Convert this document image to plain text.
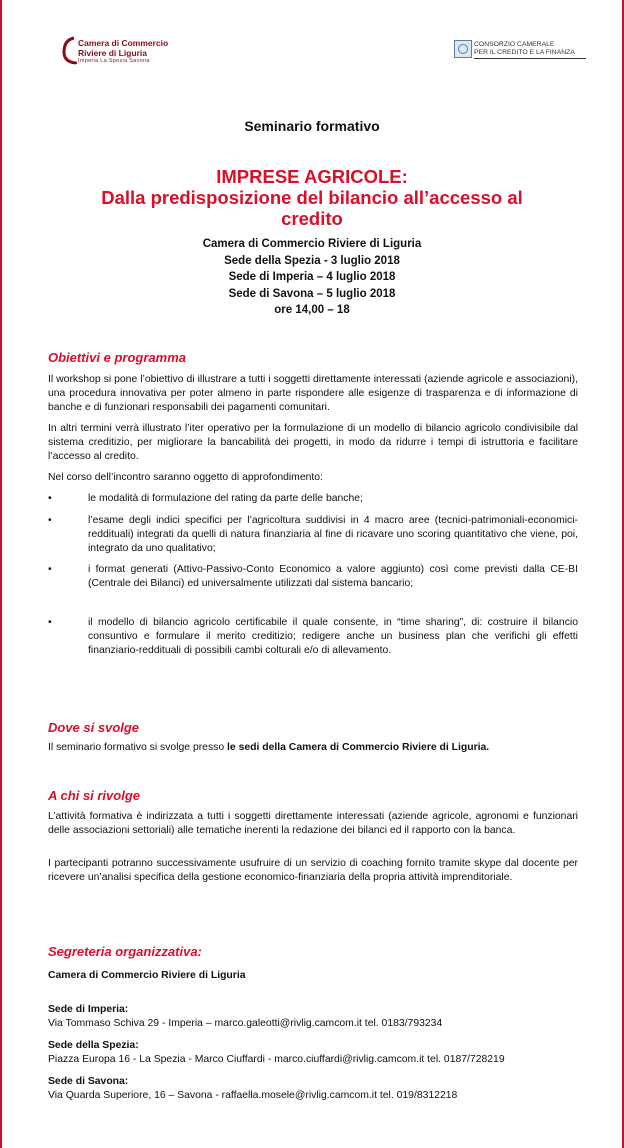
Camera di Commercio
Riviere di Liguria
Imperia La Spezia Savona
CONSORZIO CAMERALE
PER IL CREDITO E LA FINANZA
Seminario formativo
IMPRESE AGRICOLE:
Dalla predisposizione del bilancio all’accesso al
credito
Camera di Commercio Riviere di Liguria
Sede della Spezia - 3 luglio 2018
Sede di Imperia – 4 luglio 2018
Sede di Savona – 5 luglio 2018
ore 14,00 – 18
Obiettivi e programma
Il workshop si pone l’obiettivo di illustrare a tutti i soggetti direttamente interessati (aziende agricole e associazioni), una procedura innovativa per poter almeno in parte rispondere alle esigenze di trasparenza e di informazione di banche e di funzionari responsabili dei pagamenti comunitari.
In altri termini verrà illustrato l’iter operativo per la formulazione di un modello di bilancio agricolo condivisibile dal sistema creditizio, per migliorare la bancabilità dei progetti, in modo da ridurre i tempi di istruttoria e facilitare l’accesso al credito.
Nel corso dell’incontro saranno oggetto di approfondimento:
•	le modalità di formulazione del rating da parte delle banche;
•	l’esame degli indici specifici per l’agricoltura suddivisi in 4 macro aree (tecnici-patrimoniali-economici-reddituali) integrati da quelli di natura finanziaria al fine di ricavare uno scoring quantitativo che viene, poi, integrato da uno qualitativo;
•	i format generati (Attivo-Passivo-Conto Economico a valore aggiunto) così come previsti dalla CE-BI (Centrale dei Bilanci) ed universalmente utilizzati dal sistema bancario;
•	il modello di bilancio agricolo certificabile il quale consente, in “time sharing”, di: costruire il bilancio consuntivo e formulare il merito creditizio; redigere anche un business plan che verifichi gli effetti finanziario-reddituali di possibili cambi colturali e/o di allevamento.
Dove si svolge
Il seminario formativo si svolge presso le sedi della Camera di Commercio Riviere di Liguria.
A chi si rivolge
L’attività formativa è indirizzata a tutti i soggetti direttamente interessati (aziende agricole, agronomi e funzionari delle associazioni settoriali) alle tematiche inerenti la redazione dei bilanci ed il rapporto con la banca.
I partecipanti potranno successivamente usufruire di un servizio di coaching fornito tramite skype dal docente per ricevere un’analisi specifica della gestione economico-finanziaria della propria attività imprenditoriale.
Segreteria organizzativa:
Camera di Commercio Riviere di Liguria
Sede di Imperia:
Via Tommaso Schiva 29 - Imperia – marco.galeotti@rivlig.camcom.it tel. 0183/793234
Sede della Spezia:
Piazza Europa 16 - La Spezia - Marco Ciuffardi - marco.ciuffardi@rivlig.camcom.it tel. 0187/728219
Sede di Savona:
Via Quarda Superiore, 16 – Savona - raffaella.mosele@rivlig.camcom.it tel. 019/8312218
